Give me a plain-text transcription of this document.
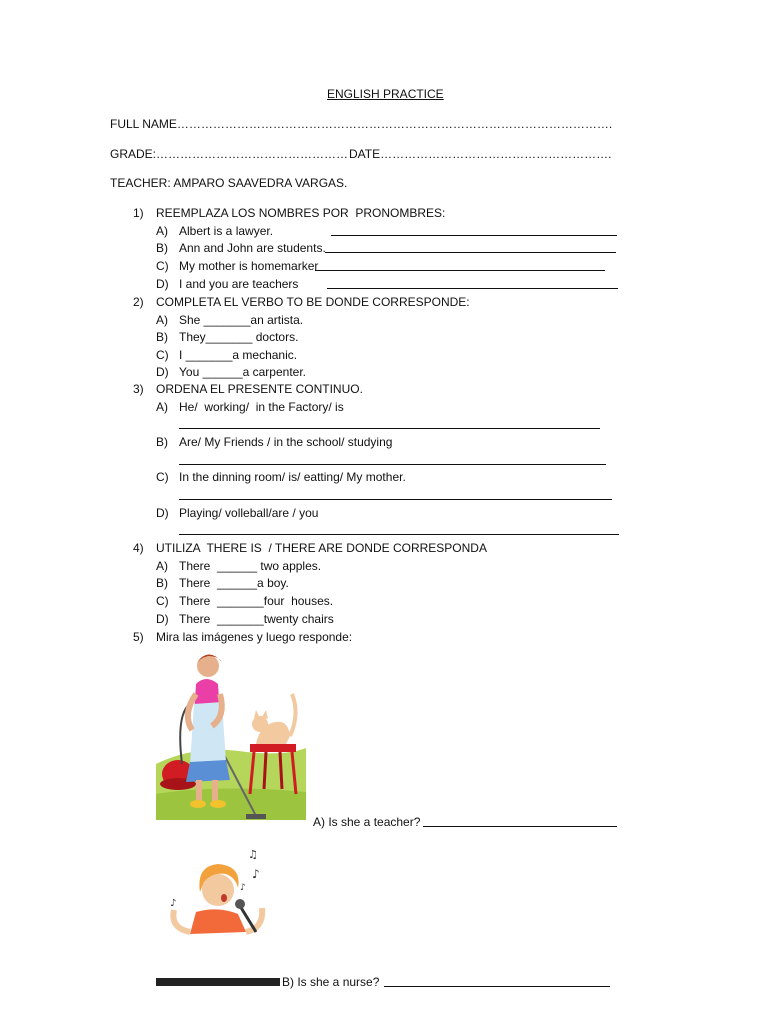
ENGLISH PRACTICE
FULL NAME……………………………………………………………………………………………….
GRADE:………………………………………… DATE………………………………………………….
TEACHER: AMPARO SAAVEDRA VARGAS.
1) REEMPLAZA LOS NOMBRES POR  PRONOMBRES:
A) Albert is a lawyer.
B) Ann and John are students.
C) My mother is homemarker
D) I and you are teachers
2) COMPLETA EL VERBO TO BE DONDE CORRESPONDE:
A) She _______an artista.
B) They_______ doctors.
C) I _______a mechanic.
D) You ______a carpenter.
3) ORDENA EL PRESENTE CONTINUO.
A) He/  working/  in the Factory/ is
B) Are/ My Friends / in the school/ studying
C) In the dinning room/ is/ eatting/ My mother.
D) Playing/ volleball/are / you
4) UTILIZA  THERE IS  / THERE ARE DONDE CORRESPONDA
A) There  ______ two apples.
B) There  ______a boy.
C) There  _______four  houses.
D) There  _______twenty chairs
5) Mira las imágenes y luego responde:
A) Is she a teacher?
♪
♫
♪
♪
B) Is she a nurse?
